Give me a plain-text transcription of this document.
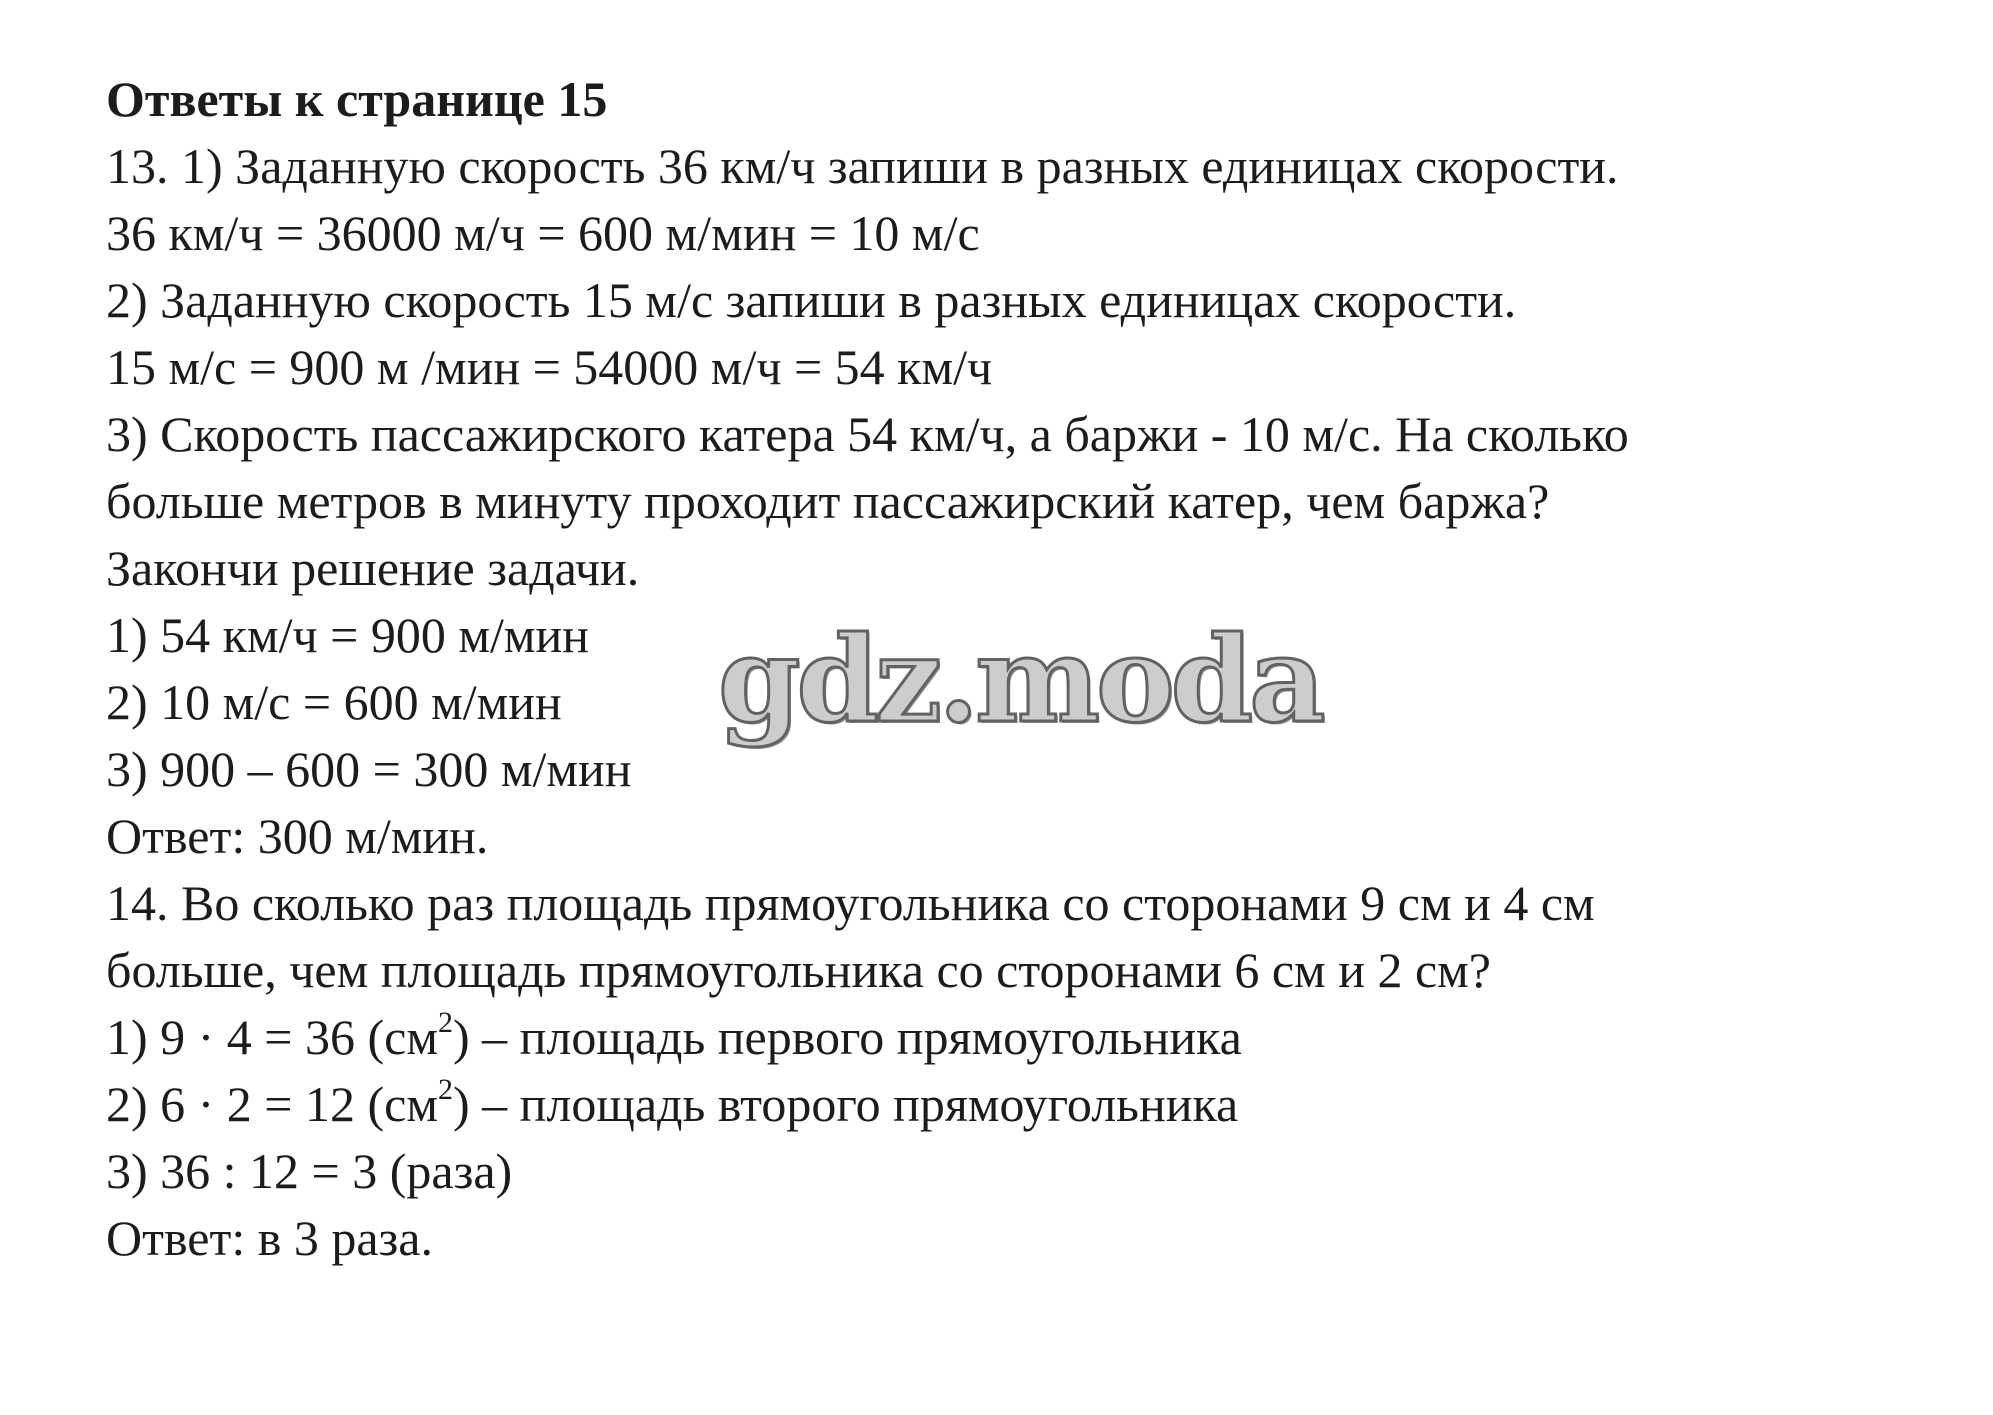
Ответы к странице 15

13. 1) Заданную скорость 36 км/ч запиши в разных единицах скорости.

36 км/ч = 36000 м/ч = 600 м/мин = 10 м/с

2) Заданную скорость 15 м/с запиши в разных единицах скорости.

15 м/с = 900 м /мин = 54000 м/ч = 54 км/ч

3) Скорость пассажирского катера 54 км/ч, а баржи - 10 м/с. На сколько

больше метров в минуту проходит пассажирский катер, чем баржа?

Закончи решение задачи.

1) 54 км/ч = 900 м/мин

2) 10 м/с = 600 м/мин

3) 900 – 600 = 300 м/мин

Ответ: 300 м/мин.

14. Во сколько раз площадь прямоугольника со сторонами 9 см и 4 см

больше, чем площадь прямоугольника со сторонами 6 см и 2 см?

1) 9 · 4 = 36 $(см^2)$ – площадь первого прямоугольника

2) 6 · 2 = 12 $(см^2)$ – площадь второго прямоугольника

3) 36 : 12 = 3 (раза)

Ответ: в 3 раза.

gdz.moda
